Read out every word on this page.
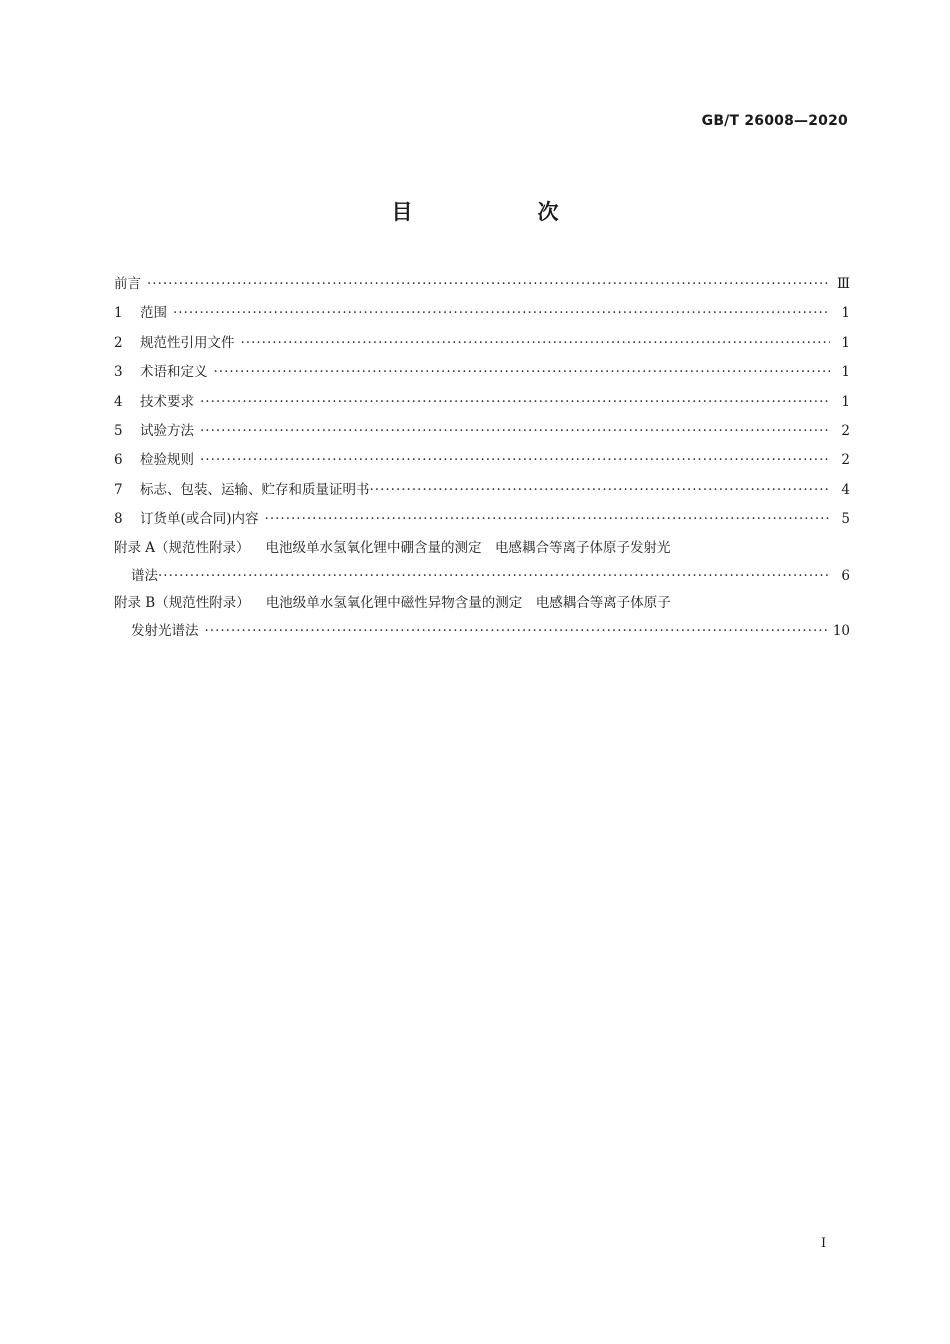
GB/T 26008—2020
目　次
前言 ·····	Ⅲ
1	范围 ·····	1
2	规范性引用文件 ·····	1
3	术语和定义 ·····	1
4	技术要求 ·····	1
5	试验方法 ·····	2
6	检验规则 ·····	2
7	标志、包装、运输、贮存和质量证明书 ·····	4
8	订货单(或合同)内容 ·····	5
附录 A（规范性附录） 电池级单水氢氧化锂中硼含量的测定　电感耦合等离子体原子发射光
谱法 ·····	6
附录 B（规范性附录） 电池级单水氢氧化锂中磁性异物含量的测定　电感耦合等离子体原子
发射光谱法 ·····	10
Ⅰ
